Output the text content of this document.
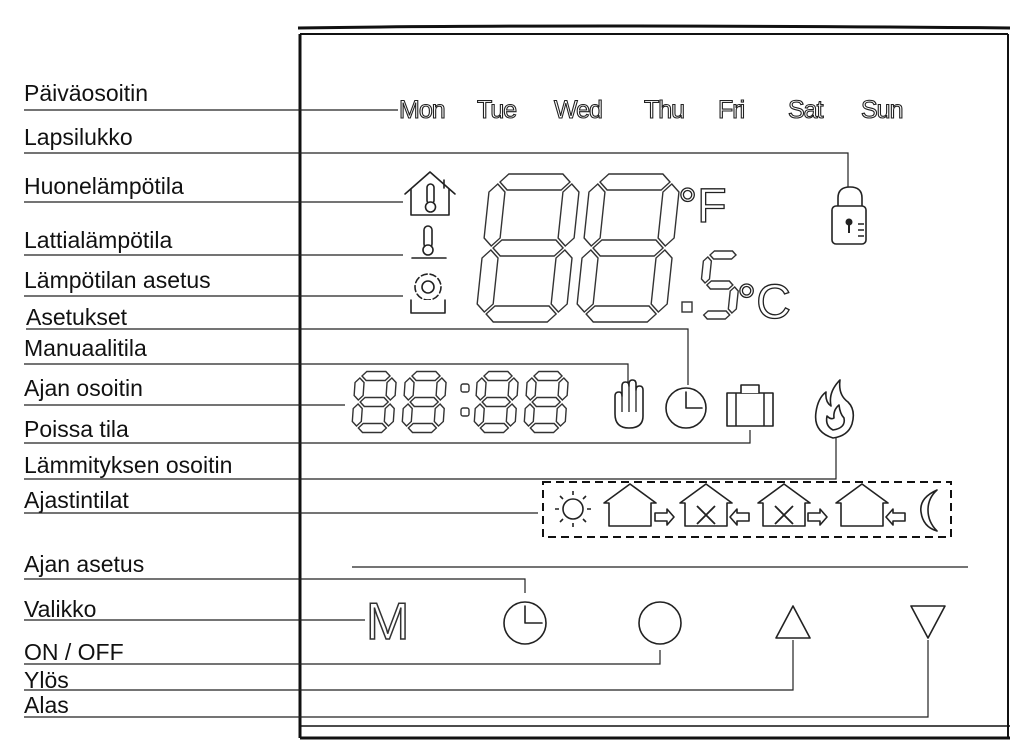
Päiväosoitin
Lapsilukko
Huonelämpötila
Lattialämpötila
Lämpötilan asetus
Asetukset
Manuaalitila
Ajan osoitin
Poissa tila
Lämmityksen osoitin
Ajastintilat
Ajan asetus
Valikko
ON / OFF
Ylös
Alas
Mon Tue Wed Thu Fri Sat Sun
°F
°C
M
